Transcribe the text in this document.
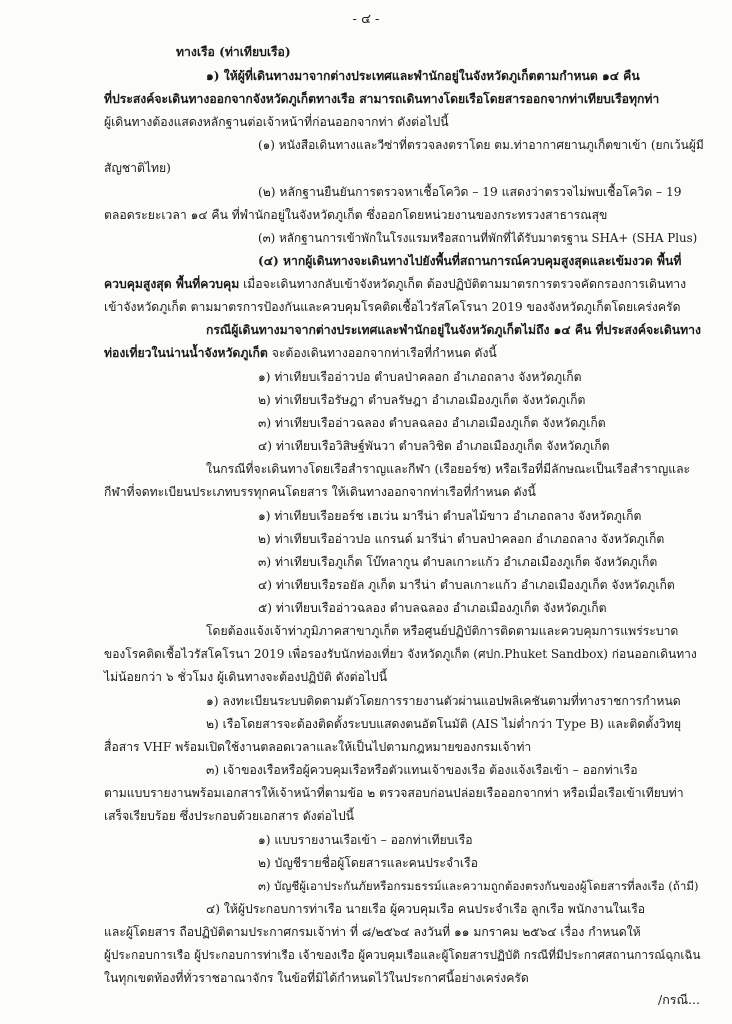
- ๔ -
ทางเรือ (ท่าเทียบเรือ)
๑) ให้ผู้ที่เดินทางมาจากต่างประเทศและพำนักอยู่ในจังหวัดภูเก็ตตามกำหนด ๑๔ คืน
ที่ประสงค์จะเดินทางออกจากจังหวัดภูเก็ตทางเรือ สามารถเดินทางโดยเรือโดยสารออกจากท่าเทียบเรือทุกท่า
ผู้เดินทางต้องแสดงหลักฐานต่อเจ้าหน้าที่ก่อนออกจากท่า ดังต่อไปนี้
(๑) หนังสือเดินทางและวีซ่าที่ตรวจลงตราโดย ตม.ท่าอากาศยานภูเก็ตขาเข้า (ยกเว้นผู้มี
สัญชาติไทย)
(๒) หลักฐานยืนยันการตรวจหาเชื้อโควิด – 19 แสดงว่าตรวจไม่พบเชื้อโควิด – 19
ตลอดระยะเวลา ๑๔ คืน ที่พำนักอยู่ในจังหวัดภูเก็ต ซึ่งออกโดยหน่วยงานของกระทรวงสาธารณสุข
(๓) หลักฐานการเข้าพักในโรงแรมหรือสถานที่พักที่ได้รับมาตรฐาน SHA+ (SHA Plus)
(๔) หากผู้เดินทางจะเดินทางไปยังพื้นที่สถานการณ์ควบคุมสูงสุดและเข้มงวด พื้นที่
ควบคุมสูงสุด พื้นที่ควบคุม เมื่อจะเดินทางกลับเข้าจังหวัดภูเก็ต ต้องปฏิบัติตามมาตรการตรวจคัดกรองการเดินทาง
เข้าจังหวัดภูเก็ต ตามมาตรการป้องกันและควบคุมโรคติดเชื้อไวรัสโคโรนา 2019 ของจังหวัดภูเก็ตโดยเคร่งครัด
กรณีผู้เดินทางมาจากต่างประเทศและพำนักอยู่ในจังหวัดภูเก็ตไม่ถึง ๑๔ คืน ที่ประสงค์จะเดินทาง
ท่องเที่ยวในน่านน้ำจังหวัดภูเก็ต จะต้องเดินทางออกจากท่าเรือที่กำหนด ดังนี้
๑) ท่าเทียบเรืออ่าวปอ ตำบลป่าคลอก อำเภอถลาง จังหวัดภูเก็ต
๒) ท่าเทียบเรือรัษฎา ตำบลรัษฎา อำเภอเมืองภูเก็ต จังหวัดภูเก็ต
๓) ท่าเทียบเรืออ่าวฉลอง ตำบลฉลอง อำเภอเมืองภูเก็ต จังหวัดภูเก็ต
๔) ท่าเทียบเรือวิสิษฐ์พันวา ตำบลวิชิต อำเภอเมืองภูเก็ต จังหวัดภูเก็ต
ในกรณีที่จะเดินทางโดยเรือสำราญและกีฬา (เรือยอร์ช) หรือเรือที่มีลักษณะเป็นเรือสำราญและ
กีฬาที่จดทะเบียนประเภทบรรทุกคนโดยสาร ให้เดินทางออกจากท่าเรือที่กำหนด ดังนี้
๑) ท่าเทียบเรือยอร์ช เฮเว่น มารีน่า ตำบลไม้ขาว อำเภอถลาง จังหวัดภูเก็ต
๒) ท่าเทียบเรืออ่าวปอ แกรนด์ มารีน่า ตำบลป่าคลอก อำเภอถลาง จังหวัดภูเก็ต
๓) ท่าเทียบเรือภูเก็ต โบ๊ทลากูน ตำบลเกาะแก้ว อำเภอเมืองภูเก็ต จังหวัดภูเก็ต
๔) ท่าเทียบเรือรอยัล ภูเก็ต มารีน่า ตำบลเกาะแก้ว อำเภอเมืองภูเก็ต จังหวัดภูเก็ต
๕) ท่าเทียบเรืออ่าวฉลอง ตำบลฉลอง อำเภอเมืองภูเก็ต จังหวัดภูเก็ต
โดยต้องแจ้งเจ้าท่าภูมิภาคสาขาภูเก็ต หรือศูนย์ปฏิบัติการติดตามและควบคุมการแพร่ระบาด
ของโรคติดเชื้อไวรัสโคโรนา 2019 เพื่อรองรับนักท่องเที่ยว จังหวัดภูเก็ต (ศปก.Phuket Sandbox) ก่อนออกเดินทาง
ไม่น้อยกว่า ๖ ชั่วโมง ผู้เดินทางจะต้องปฏิบัติ ดังต่อไปนี้
๑) ลงทะเบียนระบบติดตามตัวโดยการรายงานตัวผ่านแอปพลิเคชันตามที่ทางราชการกำหนด
๒) เรือโดยสารจะต้องติดตั้งระบบแสดงตนอัตโนมัติ (AIS ไม่ต่ำกว่า Type B) และติดตั้งวิทยุ
สื่อสาร VHF พร้อมเปิดใช้งานตลอดเวลาและให้เป็นไปตามกฎหมายของกรมเจ้าท่า
๓) เจ้าของเรือหรือผู้ควบคุมเรือหรือตัวแทนเจ้าของเรือ ต้องแจ้งเรือเข้า – ออกท่าเรือ
ตามแบบรายงานพร้อมเอกสารให้เจ้าหน้าที่ตามข้อ ๒ ตรวจสอบก่อนปล่อยเรือออกจากท่า หรือเมื่อเรือเข้าเทียบท่า
เสร็จเรียบร้อย ซึ่งประกอบด้วยเอกสาร ดังต่อไปนี้
๑) แบบรายงานเรือเข้า – ออกท่าเทียบเรือ
๒) บัญชีรายชื่อผู้โดยสารและคนประจำเรือ
๓) บัญชีผู้เอาประกันภัยหรือกรมธรรม์และความถูกต้องตรงกันของผู้โดยสารที่ลงเรือ (ถ้ามี)
๔) ให้ผู้ประกอบการท่าเรือ นายเรือ ผู้ควบคุมเรือ คนประจำเรือ ลูกเรือ พนักงานในเรือ
และผู้โดยสาร ถือปฏิบัติตามประกาศกรมเจ้าท่า ที่ ๘/๒๕๖๔ ลงวันที่ ๑๑ มกราคม ๒๕๖๔ เรื่อง กำหนดให้
ผู้ประกอบการเรือ ผู้ประกอบการท่าเรือ เจ้าของเรือ ผู้ควบคุมเรือและผู้โดยสารปฏิบัติ กรณีที่มีประกาศสถานการณ์ฉุกเฉิน
ในทุกเขตท้องที่ทั่วราชอาณาจักร ในข้อที่มิได้กำหนดไว้ในประกาศนี้อย่างเคร่งครัด
/กรณี...
